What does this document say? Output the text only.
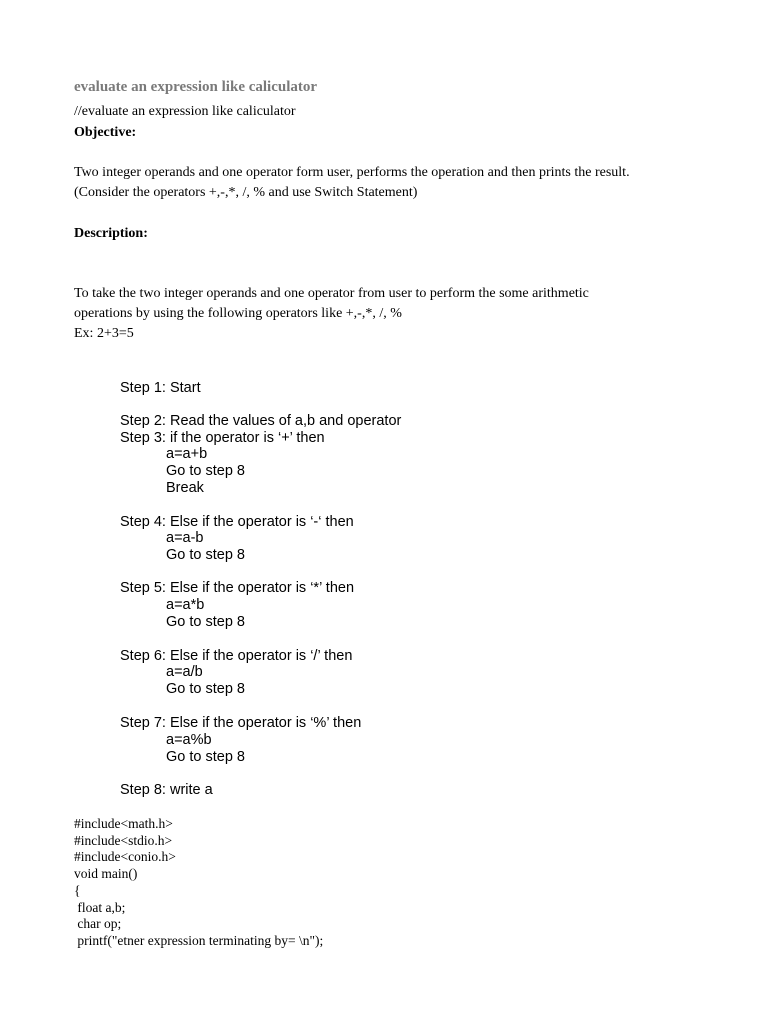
evaluate an expression like caliculator
//evaluate an expression like caliculator
Objective:
Two integer operands and one operator form user, performs the operation and then prints the result.
(Consider the operators +,-,*, /, % and use Switch Statement)
Description:
To take the two integer operands and one operator from user to perform the some arithmetic
operations by using the following operators like +,-,*, /, %
Ex: 2+3=5
Step 1: Start
Step 2: Read the values of a,b and operator
Step 3: if the operator is ‘+’ then
a=a+b
Go to step 8
Break
Step 4: Else if the operator is ‘-‘ then
a=a-b
Go to step 8
Step 5: Else if the operator is ‘*’ then
a=a*b
Go to step 8
Step 6: Else if the operator is ‘/’ then
a=a/b
Go to step 8
Step 7: Else if the operator is ‘%’ then
a=a%b
Go to step 8
Step 8: write a
#include<math.h>
#include<stdio.h>
#include<conio.h>
void main()
{
float a,b;
char op;
printf("etner expression terminating by= \n");
